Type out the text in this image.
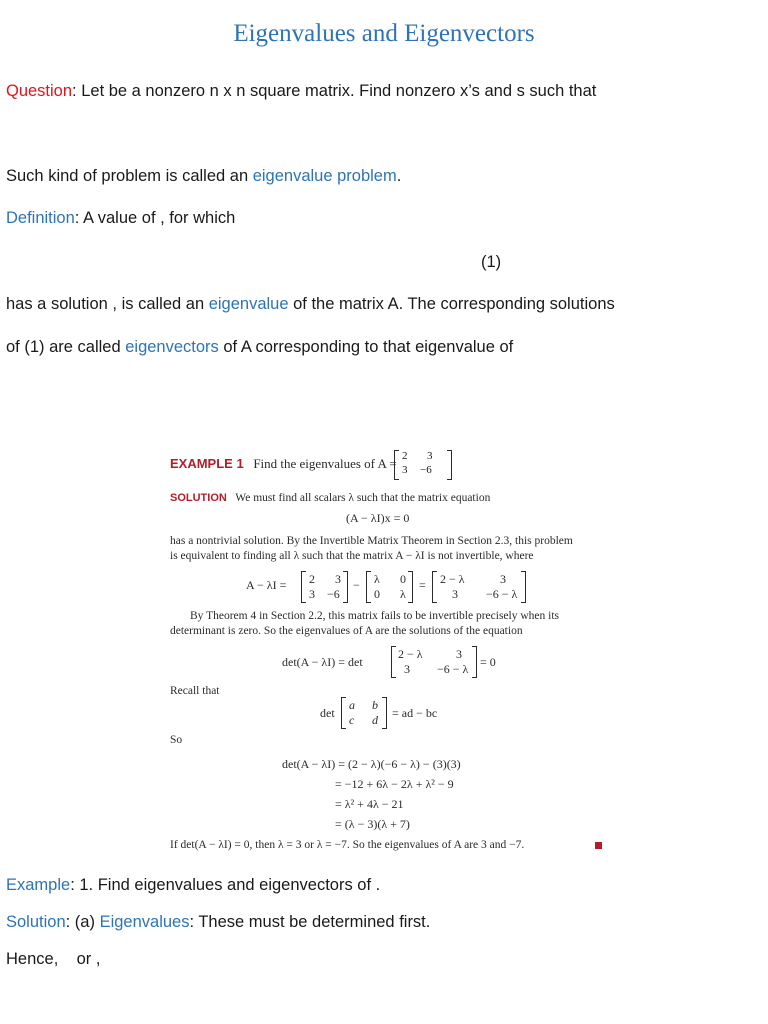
Eigenvalues and Eigenvectors
Question: Let be a nonzero n x n square matrix. Find nonzero x’s and s such that
Such kind of problem is called an eigenvalue problem.
Definition: A value of , for which
(1)
has a solution , is called an eigenvalue of the matrix A. The corresponding solutions
of (1) are called eigenvectors of A corresponding to that eigenvalue of
EXAMPLE 1 Find the eigenvalues of A = 2 3
3 −6
SOLUTION We must find all scalars λ such that the matrix equation
(A − λI)x = 0
has a nontrivial solution. By the Invertible Matrix Theorem in Section 2.3, this problem
is equivalent to finding all λ such that the matrix A − λI is not invertible, where
A − λI = 2 3
3 −6
− λ 0
0 λ
= 2 − λ	3
3 −6 − λ
By Theorem 4 in Section 2.2, this matrix fails to be invertible precisely when its
determinant is zero. So the eigenvalues of A are the solutions of the equation
det(A − λI) = det
2 − λ	3
3 −6 − λ = 0
Recall that
det
a b
c d = ad − bc
So
det(A − λI) = (2 − λ)(−6 − λ) − (3)(3)
= −12 + 6λ − 2λ + λ² − 9
= λ² + 4λ − 21
= (λ − 3)(λ + 7)
If det(A − λI) = 0, then λ = 3 or λ = −7. So the eigenvalues of A are 3 and −7.
Example: 1. Find eigenvalues and eigenvectors of .
Solution: (a) Eigenvalues: These must be determined first.
Hence,    or ,
